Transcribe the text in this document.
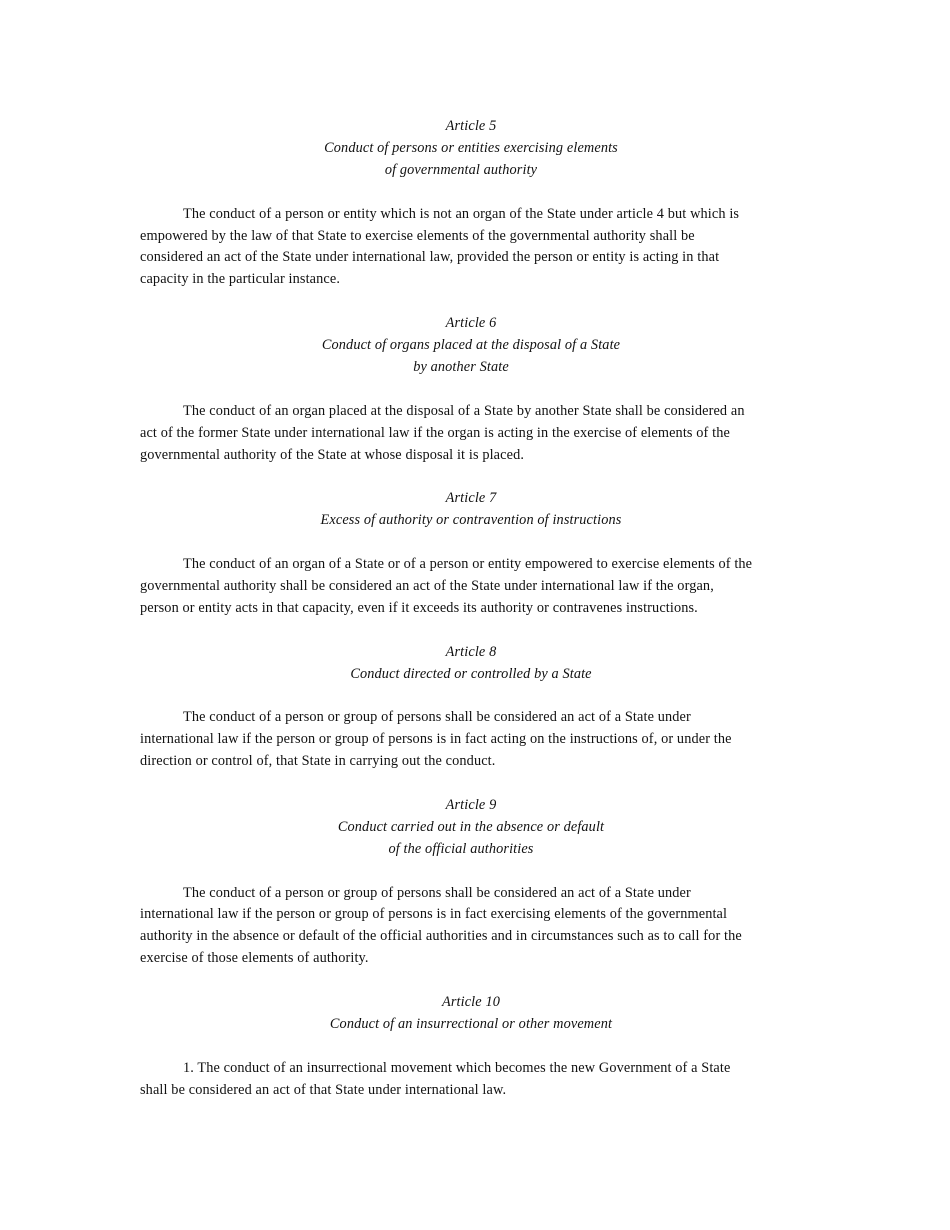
Article 5
Conduct of persons or entities exercising elements
of governmental authority
The conduct of a person or entity which is not an organ of the State under article 4 but which is
empowered by the law of that State to exercise elements of the governmental authority shall be
considered an act of the State under international law, provided the person or entity is acting in that
capacity in the particular instance.
Article 6
Conduct of organs placed at the disposal of a State
by another State
The conduct of an organ placed at the disposal of a State by another State shall be considered an
act of the former State under international law if the organ is acting in the exercise of elements of the
governmental authority of the State at whose disposal it is placed.
Article 7
Excess of authority or contravention of instructions
The conduct of an organ of a State or of a person or entity empowered to exercise elements of the
governmental authority shall be considered an act of the State under international law if the organ,
person or entity acts in that capacity, even if it exceeds its authority or contravenes instructions.
Article 8
Conduct directed or controlled by a State
The conduct of a person or group of persons shall be considered an act of a State under
international law if the person or group of persons is in fact acting on the instructions of, or under the
direction or control of, that State in carrying out the conduct.
Article 9
Conduct carried out in the absence or default
of the official authorities
The conduct of a person or group of persons shall be considered an act of a State under
international law if the person or group of persons is in fact exercising elements of the governmental
authority in the absence or default of the official authorities and in circumstances such as to call for the
exercise of those elements of authority.
Article 10
Conduct of an insurrectional or other movement
1. The conduct of an insurrectional movement which becomes the new Government of a State
shall be considered an act of that State under international law.
